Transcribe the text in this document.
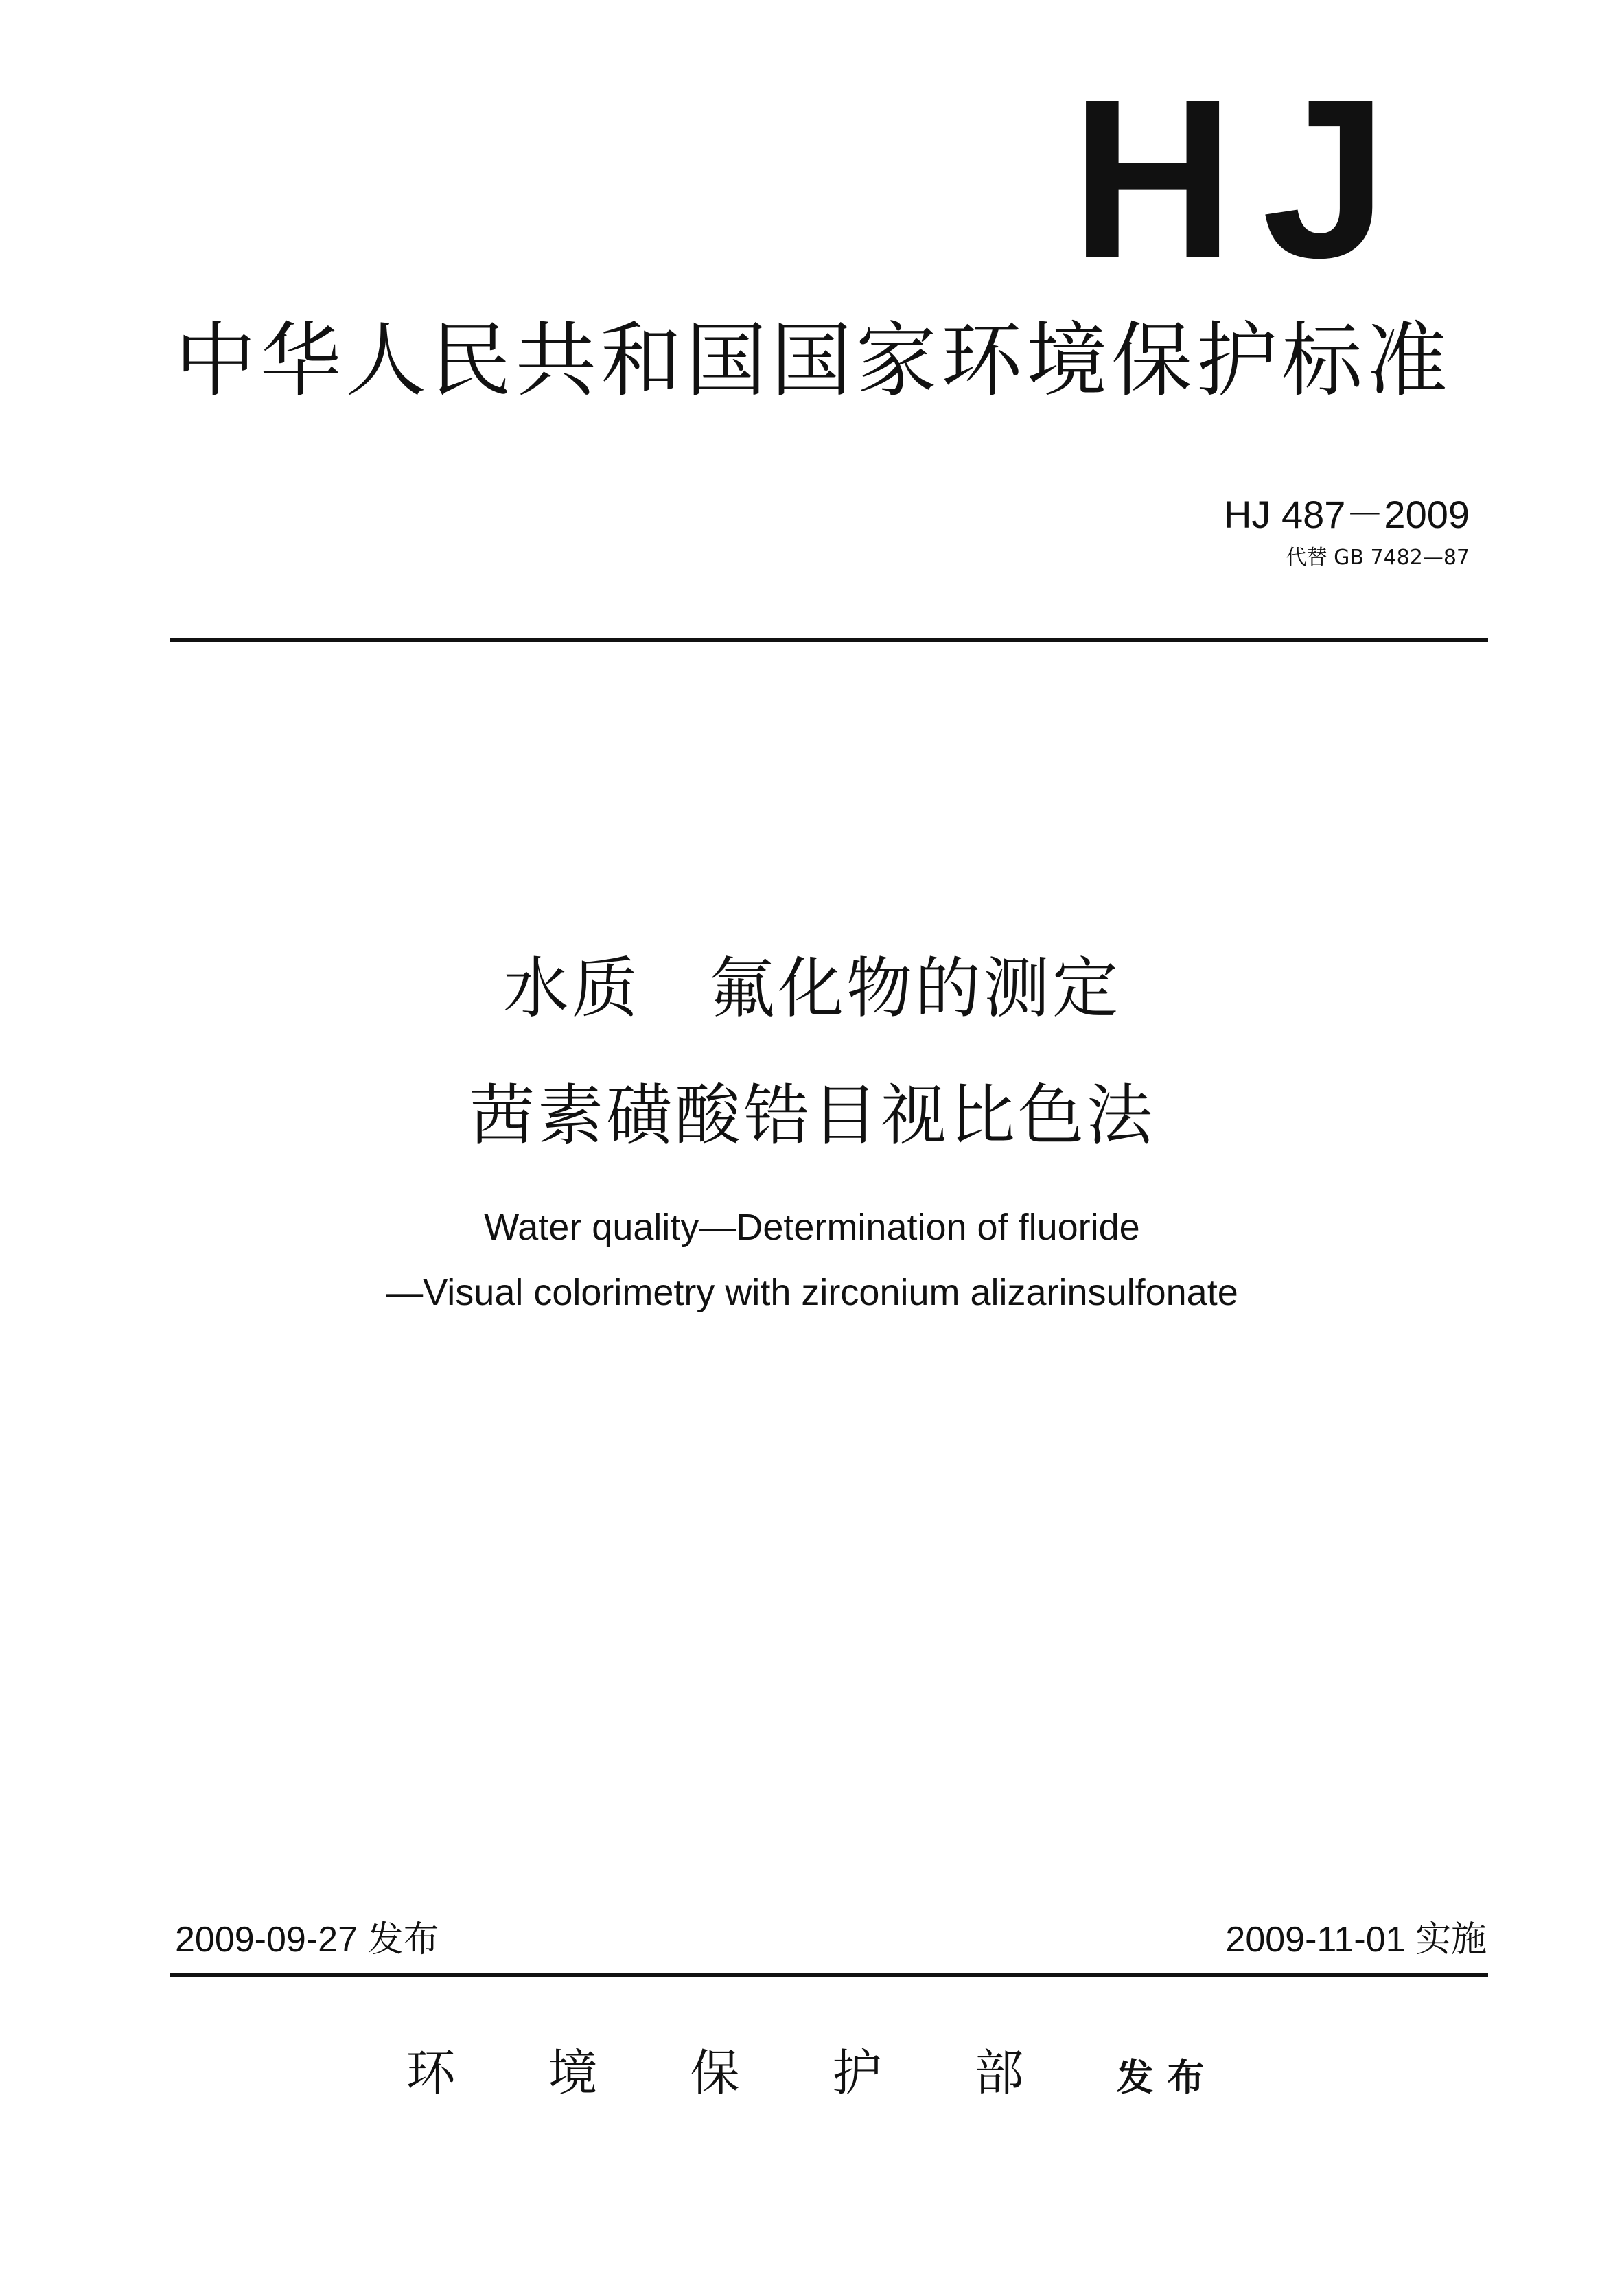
HJ
中华人民共和国国家环境保护标准
HJ 487－2009
代替 GB 7482—87
水质　氟化物的测定
茜素磺酸锆目视比色法
Water quality—Determination of fluoride
—Visual colorimetry with zirconium alizarinsulfonate
2009-09-27 发布	2009-11-01 实施
环境保护部发布
